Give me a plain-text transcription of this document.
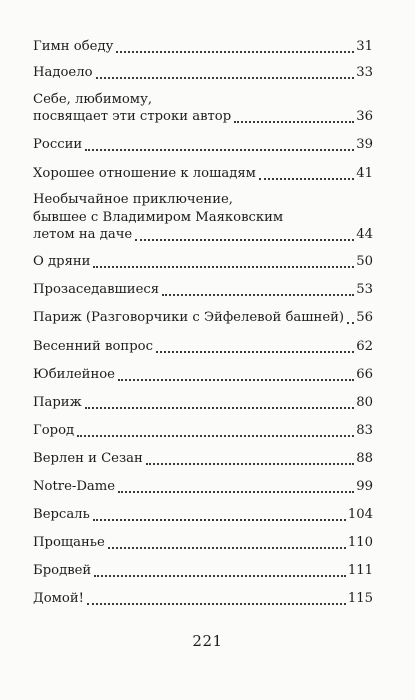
Гимн обеду	31
Надоело	33
Себе, любимому,
посвящает эти строки автор	36
России	39
Хорошее отношение к лошадям	41
Необычайное приключение,
бывшее с Владимиром Маяковским
летом на даче	44
О дряни	50
Прозаседавшиеся	53
Париж (Разговорчики с Эйфелевой башней) 56
Весенний вопрос	62
Юбилейное	66
Париж	80
Город	83
Верлен и Сезан	88
Notre-Dame	99
Версаль	104
Прощанье	110
Бродвей	111
Домой!	115
221
